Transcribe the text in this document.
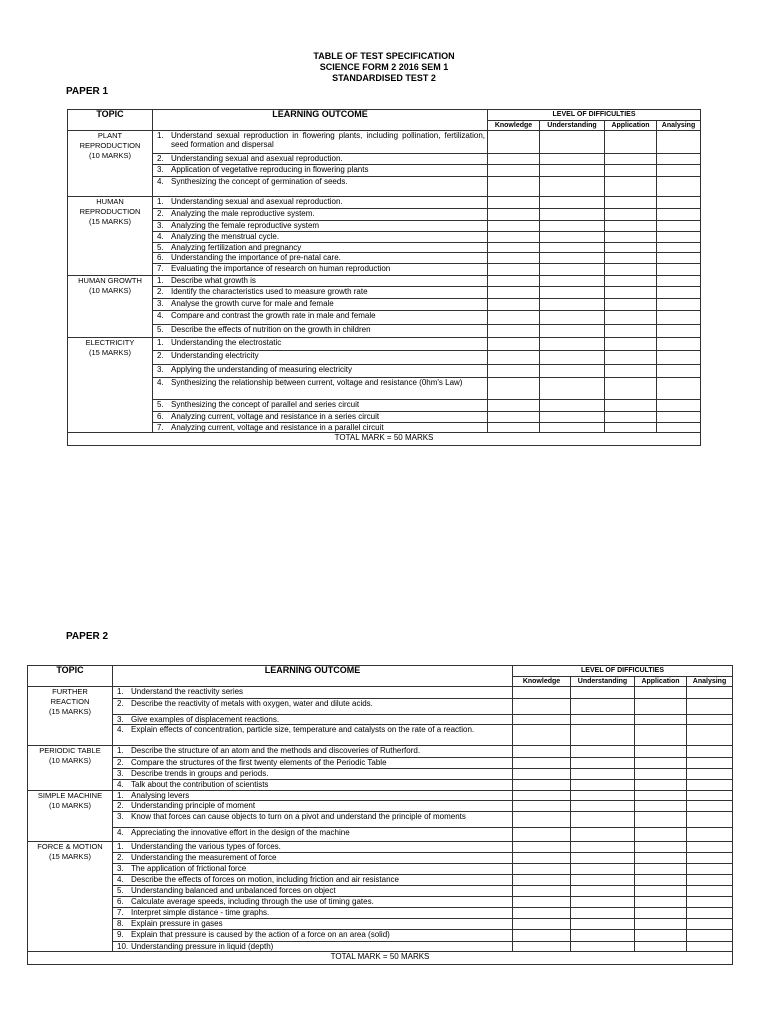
TABLE OF TEST SPECIFICATION
SCIENCE FORM 2 2016 SEM 1
STANDARDISED TEST 2
PAPER 1
TOPIC	LEARNING OUTCOME	LEVEL OF DIFFICULTIES			
		Knowledge	Understanding	Application	Analysing
PLANT
REPRODUCTION
(10 MARKS)	1. Understand sexual reproduction in flowering plants, including pollination, fertilization, seed formation and dispersal				

	2. Understanding sexual and asexual reproduction.				

	3. Application of vegetative reproducing in flowering plants				

	4. Synthesizing the concept of germination of seeds.				

HUMAN
REPRODUCTION
(15 MARKS)	1. Understanding sexual and asexual reproduction.				

	2. Analyzing the male reproductive system.				

	3. Analyzing the female reproductive system				

	4. Analyzing the menstrual cycle.				

	5. Analyzing fertilization and pregnancy				

	6. Understanding the importance of pre-natal care.				

	7. Evaluating the importance of research on human reproduction				

HUMAN GROWTH
(10 MARKS)	1. Describe what growth is				

	2. Identify the characteristics used to measure growth rate				

	3. Analyse the growth curve for male and female				

	4. Compare and contrast the growth rate in male and female				

	5. Describe the effects of nutrition on the growth in children				

ELECTRICITY
(15 MARKS)	1. Understanding the electrostatic				

	2. Understanding electricity				

	3. Applying the understanding of measuring electricity				

	4. Synthesizing the relationship between current, voltage and resistance (0hm's Law)				

	5. Synthesizing the concept of parallel and series circuit				

	6. Analyzing current, voltage and resistance in a series circuit				

	7. Analyzing current, voltage and resistance in a parallel circuit				

TOTAL MARK = 50 MARKS					
PAPER 2
TOPIC	LEARNING OUTCOME	LEVEL OF DIFFICULTIES			
		Knowledge	Understanding	Application	Analysing
FURTHER
REACTION
(15 MARKS)	1. Understand the reactivity series				

	2. Describe the reactivity of metals with oxygen, water and dilute acids.				

	3. Give examples of displacement reactions.				

	4. Explain effects of concentration, particle size, temperature and catalysts on the rate of a reaction.				

PERIODIC TABLE
(10 MARKS)	1. Describe the structure of an atom and the methods and discoveries of Rutherford.				

	2. Compare the structures of the first twenty elements of the Periodic Table				

	3. Describe trends in groups and periods.				

	4. Talk about the contribution of scientists				

SIMPLE MACHINE
(10 MARKS)	1. Analysing levers				

	2. Understanding principle of moment				

	3. Know that forces can cause objects to turn on a pivot and understand the principle of moments				

	4. Appreciating the innovative effort in the design of the machine				

FORCE & MOTION
(15 MARKS)	1. Understanding the various types of forces.				

	2. Understanding the measurement of force				

	3. The application of frictional force				

	4. Describe the effects of forces on motion, including friction and air resistance				

	5. Understanding balanced and unbalanced forces on object				

	6. Calculate average speeds, including through the use of timing gates.				

	7. Interpret simple distance - time graphs.				

	8. Explain pressure in gases				

	9. Explain that pressure is caused by the action of a force on an area (solid)				

	10. Understanding pressure in liquid (depth)				

TOTAL MARK = 50 MARKS					
